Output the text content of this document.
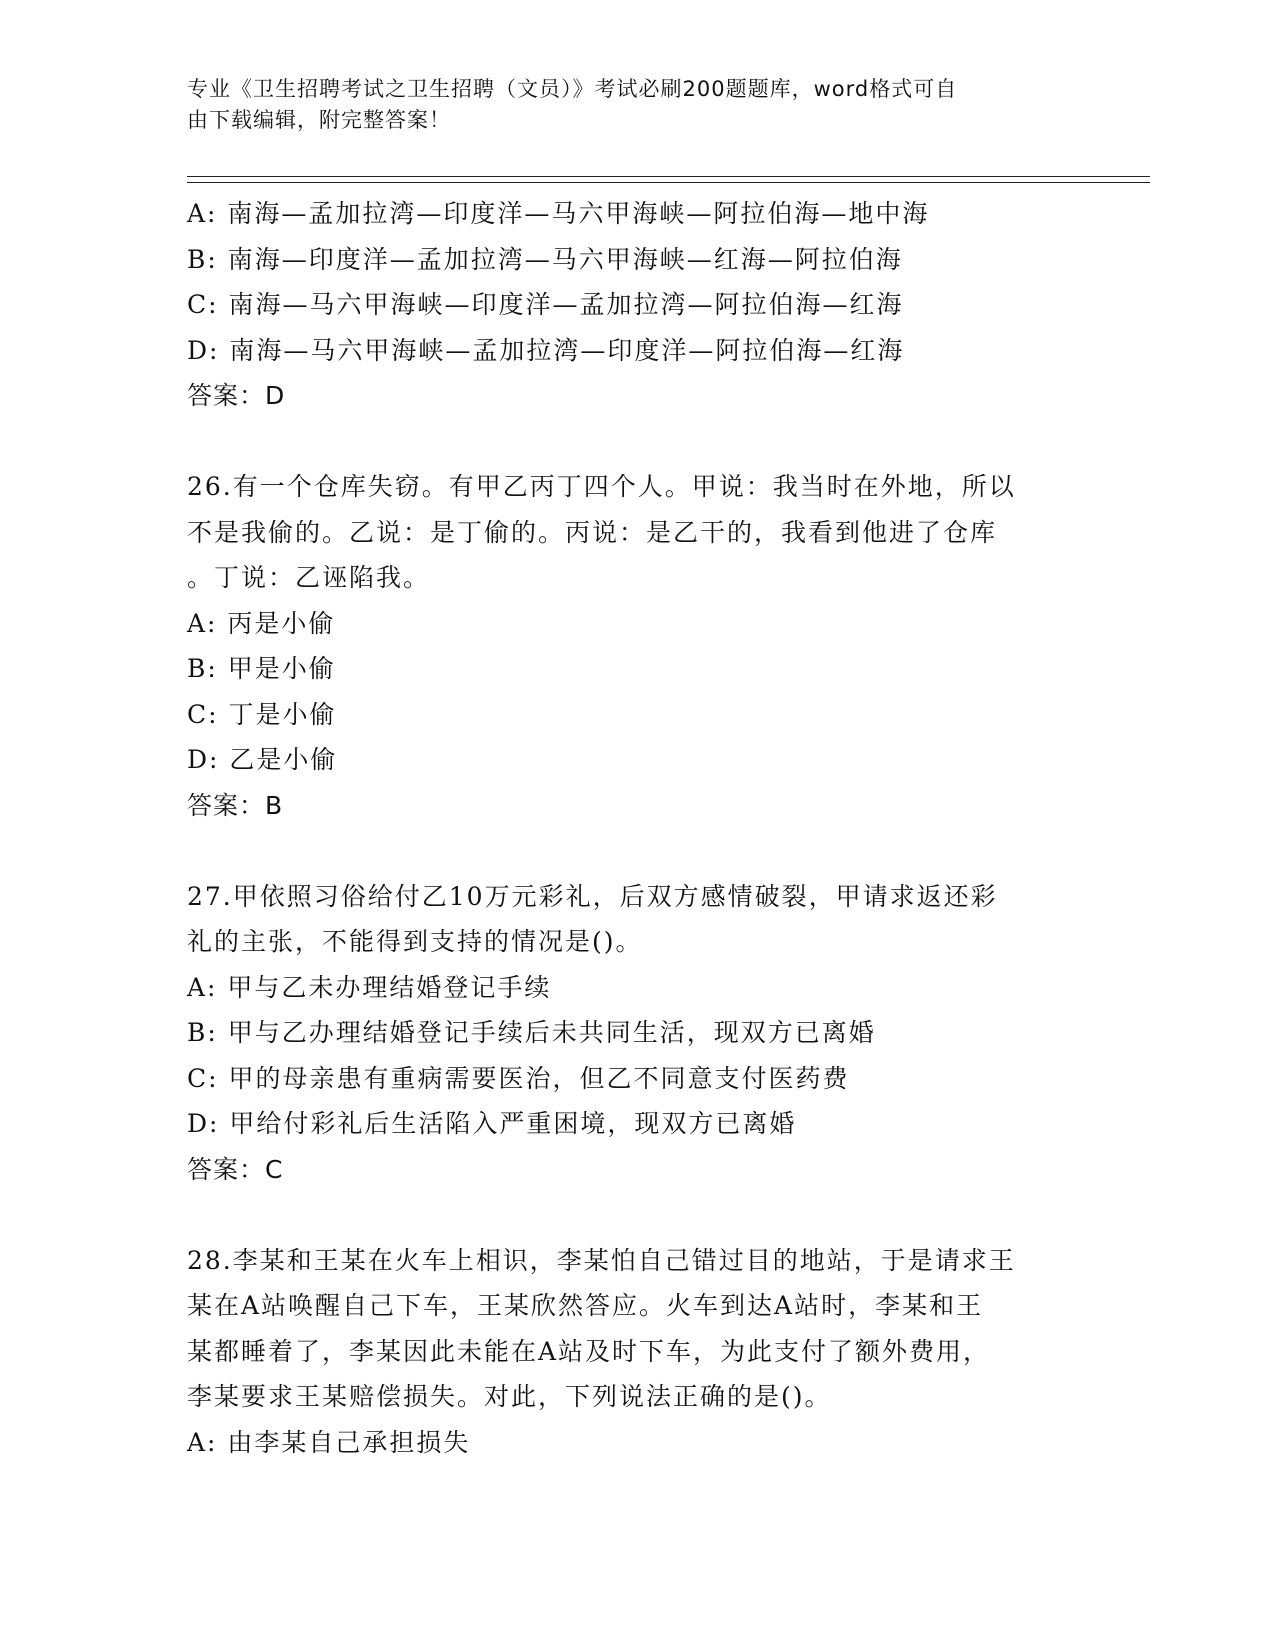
专业《卫生招聘考试之卫生招聘（文员）》考试必刷200题题库，word格式可自
由下载编辑，附完整答案！
A: 南海—孟加拉湾—印度洋—马六甲海峡—阿拉伯海—地中海
B: 南海—印度洋—孟加拉湾—马六甲海峡—红海—阿拉伯海
C: 南海—马六甲海峡—印度洋—孟加拉湾—阿拉伯海—红海
D: 南海—马六甲海峡—孟加拉湾—印度洋—阿拉伯海—红海
答案：D
26.有一个仓库失窃。有甲乙丙丁四个人。甲说：我当时在外地，所以
不是我偷的。乙说：是丁偷的。丙说：是乙干的，我看到他进了仓库
。丁说：乙诬陷我。
A: 丙是小偷
B: 甲是小偷
C: 丁是小偷
D: 乙是小偷
答案：B
27.甲依照习俗给付乙10万元彩礼，后双方感情破裂，甲请求返还彩
礼的主张，不能得到支持的情况是()。
A: 甲与乙未办理结婚登记手续
B: 甲与乙办理结婚登记手续后未共同生活，现双方已离婚
C: 甲的母亲患有重病需要医治，但乙不同意支付医药费
D: 甲给付彩礼后生活陷入严重困境，现双方已离婚
答案：C
28.李某和王某在火车上相识，李某怕自己错过目的地站，于是请求王
某在A站唤醒自己下车，王某欣然答应。火车到达A站时，李某和王
某都睡着了，李某因此未能在A站及时下车，为此支付了额外费用，
李某要求王某赔偿损失。对此，下列说法正确的是()。
A: 由李某自己承担损失
